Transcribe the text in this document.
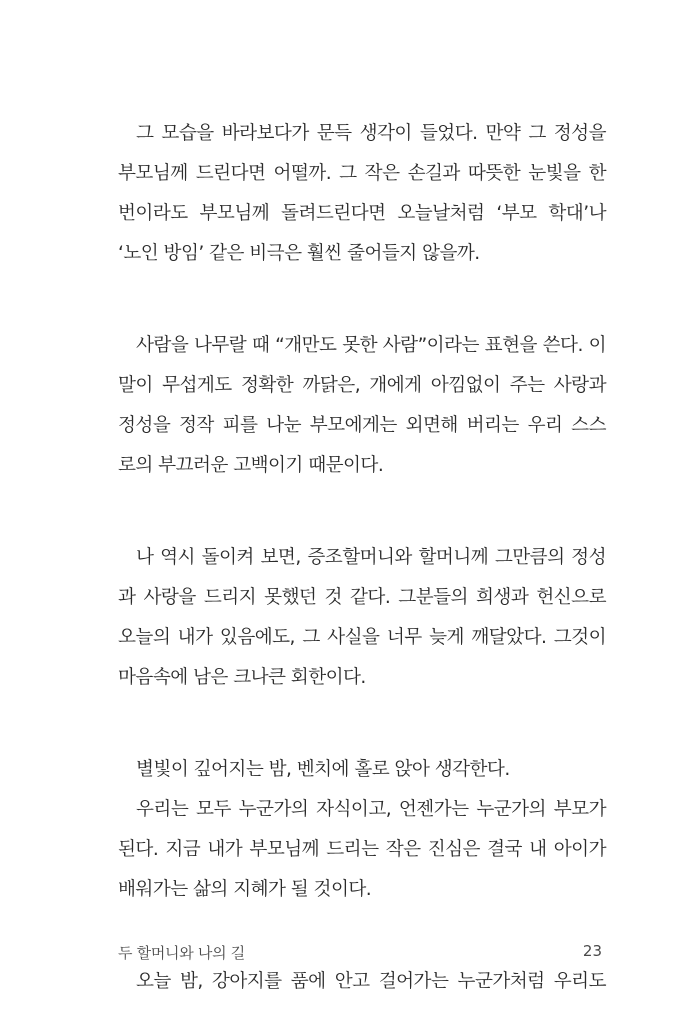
그 모습을 바라보다가 문득 생각이 들었다. 만약 그 정성을
부모님께 드린다면 어떨까. 그 작은 손길과 따뜻한 눈빛을 한
번이라도 부모님께 돌려드린다면 오늘날처럼 ‘부모 학대’나
‘노인 방임’ 같은 비극은 훨씬 줄어들지 않을까.
사람을 나무랄 때 “개만도 못한 사람”이라는 표현을 쓴다. 이
말이 무섭게도 정확한 까닭은, 개에게 아낌없이 주는 사랑과
정성을 정작 피를 나눈 부모에게는 외면해 버리는 우리 스스
로의 부끄러운 고백이기 때문이다.
나 역시 돌이켜 보면, 증조할머니와 할머니께 그만큼의 정성
과 사랑을 드리지 못했던 것 같다. 그분들의 희생과 헌신으로
오늘의 내가 있음에도, 그 사실을 너무 늦게 깨달았다. 그것이
마음속에 남은 크나큰 회한이다.
별빛이 깊어지는 밤, 벤치에 홀로 앉아 생각한다.
우리는 모두 누군가의 자식이고, 언젠가는 누군가의 부모가
된다. 지금 내가 부모님께 드리는 작은 진심은 결국 내 아이가
배워가는 삶의 지혜가 될 것이다.
오늘 밤, 강아지를 품에 안고 걸어가는 누군가처럼 우리도
두 할머니와 나의 길	23
